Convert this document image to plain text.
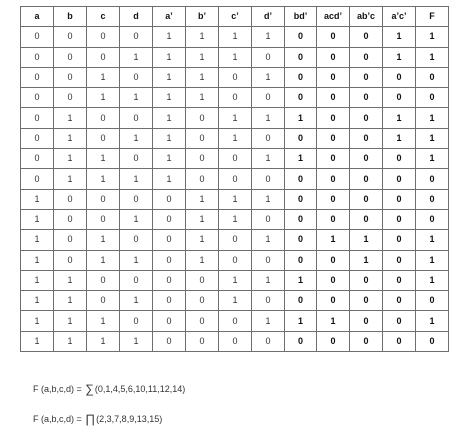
a	b	c	d	a’	b’	c’	d’	bd’	acd’	ab’c	a’c’	F
0	0	0	0	1	1	1	1	0	0	0	1	1
0	0	0	1	1	1	1	0	0	0	0	1	1
0	0	1	0	1	1	0	1	0	0	0	0	0
0	0	1	1	1	1	0	0	0	0	0	0	0
0	1	0	0	1	0	1	1	1	0	0	1	1
0	1	0	1	1	0	1	0	0	0	0	1	1
0	1	1	0	1	0	0	1	1	0	0	0	1
0	1	1	1	1	0	0	0	0	0	0	0	0
1	0	0	0	0	1	1	1	0	0	0	0	0
1	0	0	1	0	1	1	0	0	0	0	0	0
1	0	1	0	0	1	0	1	0	1	1	0	1
1	0	1	1	0	1	0	0	0	0	1	0	1
1	1	0	0	0	0	1	1	1	0	0	0	1
1	1	0	1	0	0	1	0	0	0	0	0	0
1	1	1	0	0	0	0	1	1	1	0	0	1
1	1	1	1	0	0	0	0	0	0	0	0	0
F (a,b,c,d) = ∑(0,1,4,5,6,10,11,12,14)
F (a,b,c,d) = ∏(2,3,7,8,9,13,15)
